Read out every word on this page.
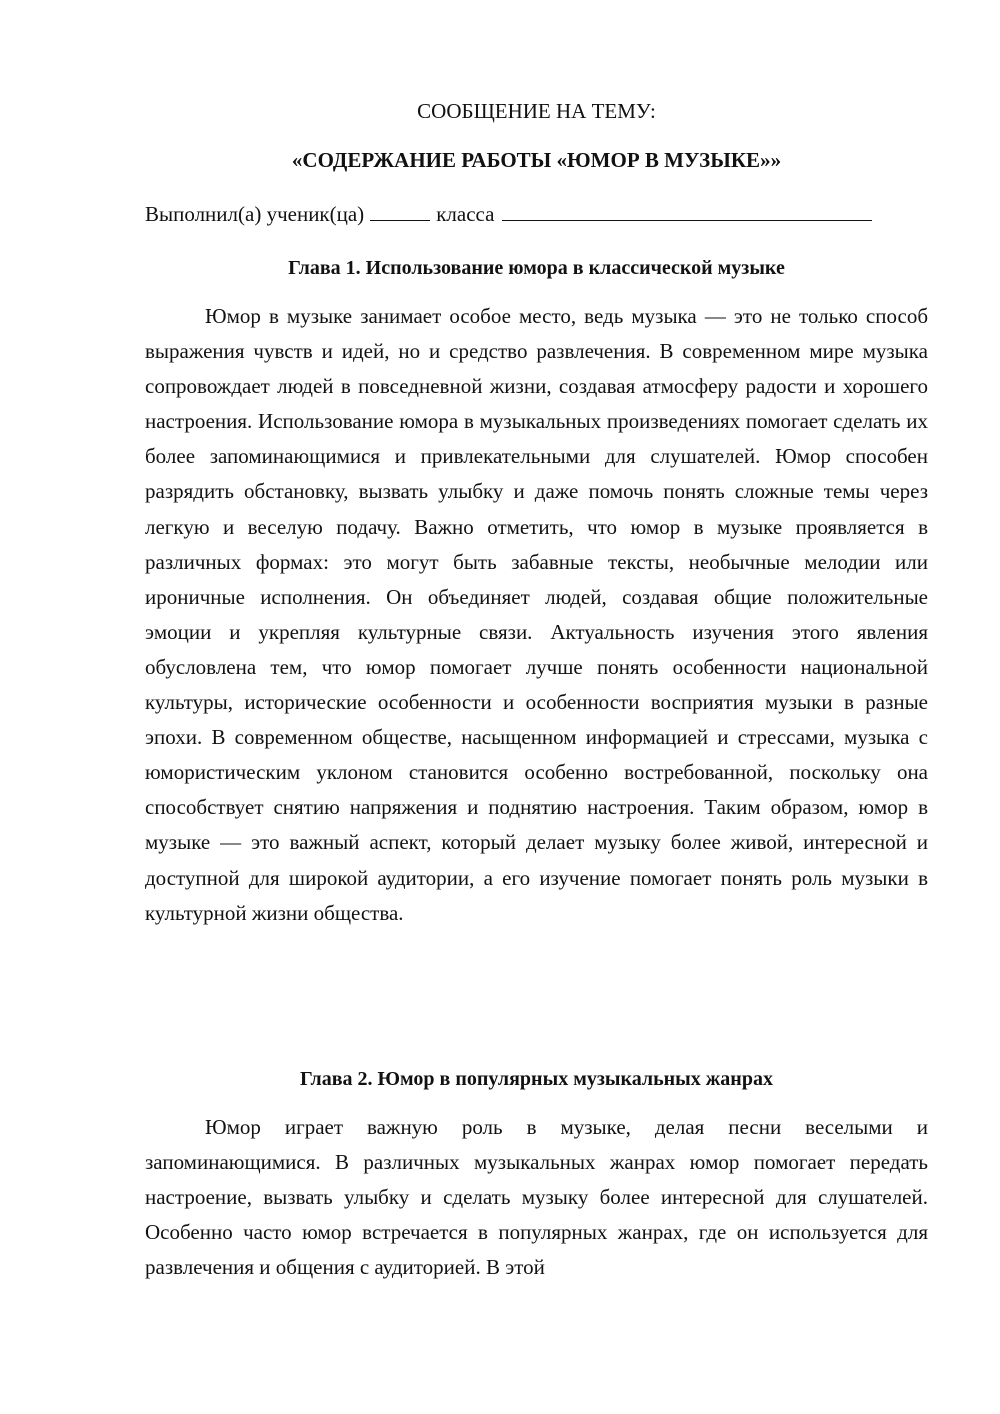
СООБЩЕНИЕ НА ТЕМУ:

«СОДЕРЖАНИЕ РАБОТЫ «ЮМОР В МУЗЫКЕ»»

Выполнил(а) ученик(ца)	класса
Глава 1. Использование юмора в классической музыке

Юмор в музыке занимает особое место, ведь музыка — это не только способ выражения чувств и идей, но и средство развлечения. В современном мире музыка сопровождает людей в повседневной жизни, создавая атмосферу радости и хорошего настроения. Использование юмора в музыкальных произведениях помогает сделать их более запоминающимися и привлекательными для слушателей. Юмор способен разрядить обстановку, вызвать улыбку и даже помочь понять сложные темы через легкую и веселую подачу. Важно отметить, что юмор в музыке проявляется в различных формах: это могут быть забавные тексты, необычные мелодии или ироничные исполнения. Он объединяет людей, создавая общие положительные эмоции и укрепляя культурные связи. Актуальность изучения этого явления обусловлена тем, что юмор помогает лучше понять особенности национальной культуры, исторические особенности и особенности восприятия музыки в разные эпохи. В современном обществе, насыщенном информацией и стрессами, музыка с юмористическим уклоном становится особенно востребованной, поскольку она способствует снятию напряжения и поднятию настроения. Таким образом, юмор в музыке — это важный аспект, который делает музыку более живой, интересной и доступной для широкой аудитории, а его изучение помогает понять роль музыки в культурной жизни общества.

Глава 2. Юмор в популярных музыкальных жанрах

Юмор играет важную роль в музыке, делая песни веселыми и запоминающимися. В различных музыкальных жанрах юмор помогает передать настроение, вызвать улыбку и сделать музыку более интересной для слушателей. Особенно часто юмор встречается в популярных жанрах, где он используется для развлечения и общения с аудиторией. В этой
